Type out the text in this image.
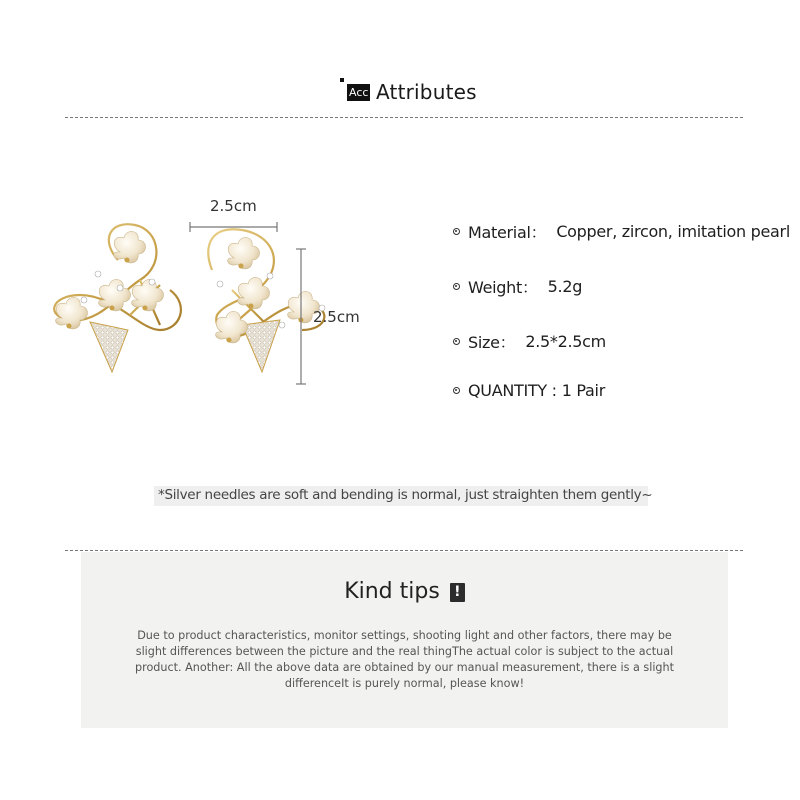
Acc Attributes
2.5cm
2.5cm
Material： Copper, zircon, imitation pearl
Weight： 5.2g
Size： 2.5*2.5cm
QUANTITY : 1 Pair
*Silver needles are soft and bending is normal, just straighten them gently~
Kind tips !
Due to product characteristics, monitor settings, shooting light and other factors, there may be slight differences between the picture and the real thingThe actual color is subject to the actual product. Another: All the above data are obtained by our manual measurement, there is a slight differenceIt is purely normal, please know!
